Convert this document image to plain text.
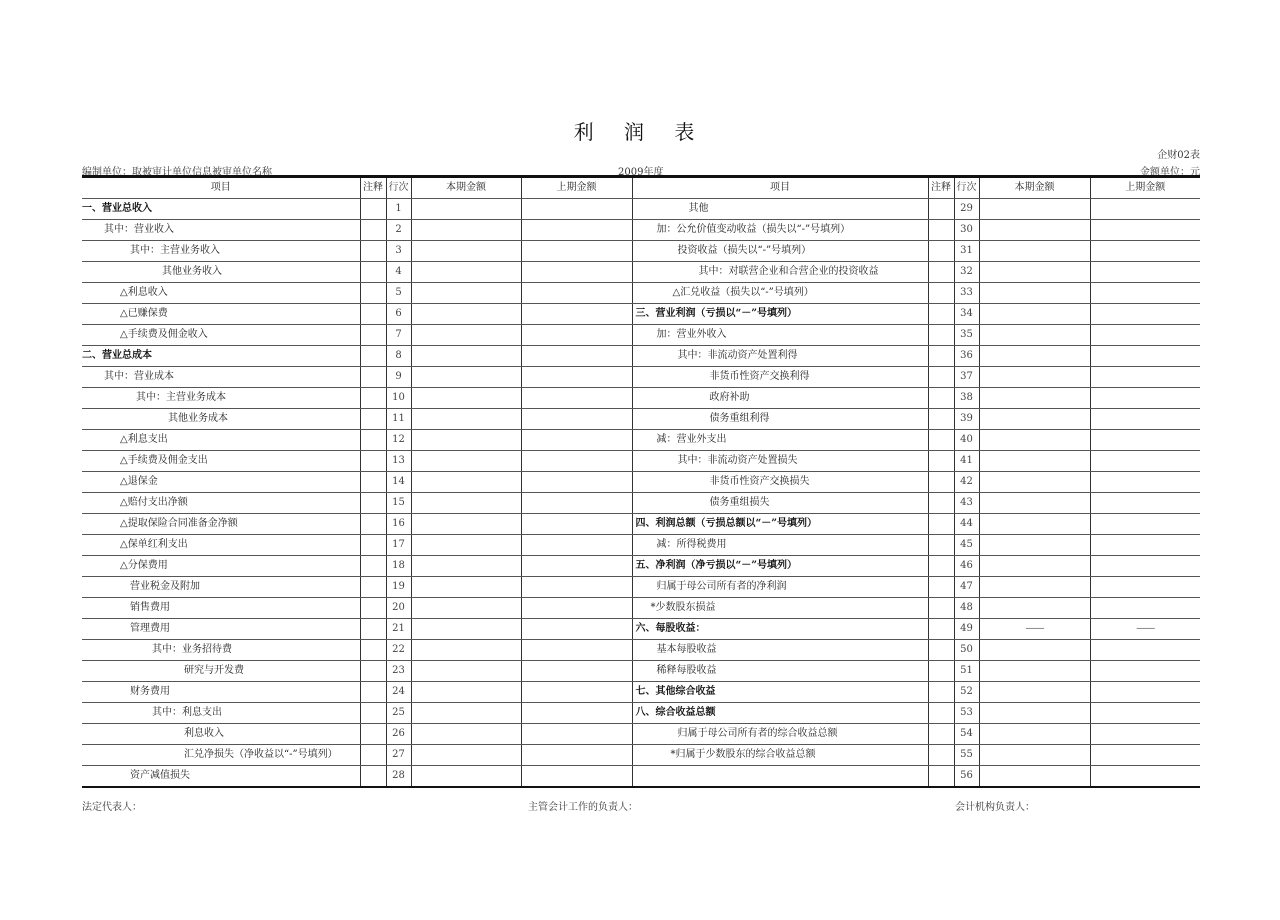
利 润 表
企财02表
编制单位：取被审计单位信息被审单位名称	2009年度	金额单位：元
项目	注释	行次	本期金额	上期金额	项目	注释	行次	本期金额	上期金额
一、营业总收入		1			其他		29		
其中：营业收入		2			加：公允价值变动收益（损失以“-”号填列）		30		
其中：主营业务收入		3			投资收益（损失以“-”号填列）		31		
其他业务收入		4			其中：对联营企业和合营企业的投资收益		32		
△利息收入		5			△汇兑收益（损失以“-”号填列）		33		
△已赚保费		6			三、营业利润（亏损以“－”号填列）		34		
△手续费及佣金收入		7			加：营业外收入		35		
二、营业总成本		8			其中：非流动资产处置利得		36		
其中：营业成本		9			非货币性资产交换利得		37		
其中：主营业务成本		10			政府补助		38		
其他业务成本		11			债务重组利得		39		
△利息支出		12			减：营业外支出		40		
△手续费及佣金支出		13			其中：非流动资产处置损失		41		
△退保金		14			非货币性资产交换损失		42		
△赔付支出净额		15			债务重组损失		43		
△提取保险合同准备金净额		16			四、利润总额（亏损总额以“－”号填列）		44		
△保单红利支出		17			减：所得税费用		45		
△分保费用		18			五、净利润（净亏损以“－”号填列）		46		
营业税金及附加		19			归属于母公司所有者的净利润		47		
销售费用		20			*少数股东损益		48		
管理费用		21			六、每股收益：		49	——	——
其中：业务招待费		22			基本每股收益		50		
研究与开发费		23			稀释每股收益		51		
财务费用		24			七、其他综合收益		52		
其中：利息支出		25			八、综合收益总额		53		
利息收入		26			归属于母公司所有者的综合收益总额		54		
汇兑净损失（净收益以“-”号填列）		27			*归属于少数股东的综合收益总额		55		
资产减值损失		28					56		
法定代表人：	主管会计工作的负责人：	会计机构负责人：
